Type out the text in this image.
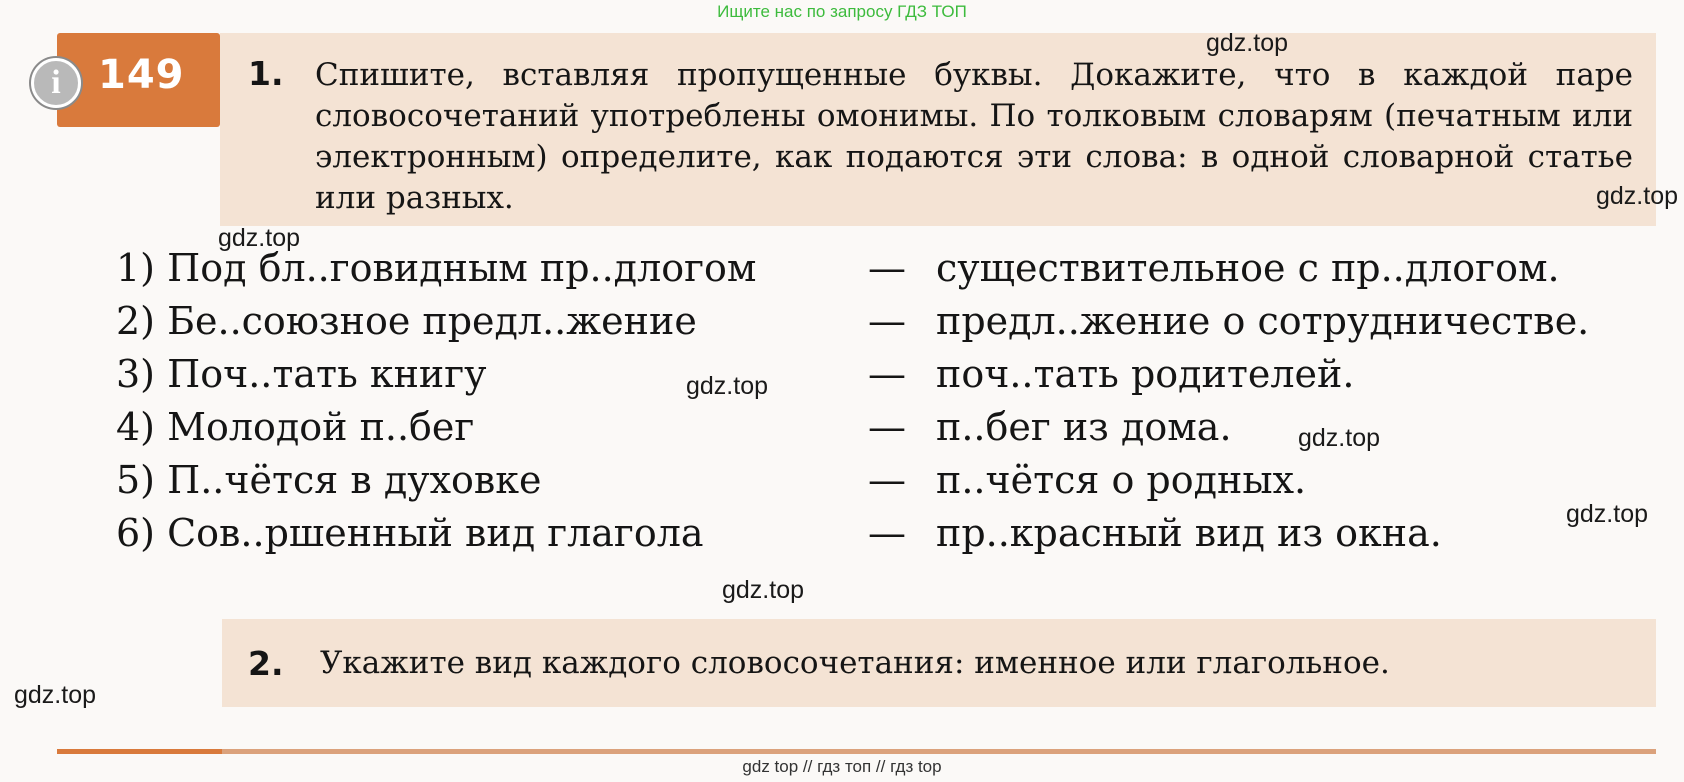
Ищите нас по запросу ГДЗ ТОП
i 149 1. Спишите, вставляя пропущенные буквы. Докажите, что в каждой паре словосочетаний употреблены омонимы. По толковым словарям (печатным или электронным) определите, как подаются эти слова: в одной словарной статье или разных.

1) Под бл..говидным пр..длогом	— существительное с пр..длогом.
2) Бе..союзное предл..жение	— предл..жение о сотрудничестве.
3) Поч..тать книгу	— поч..тать родителей.
4) Молодой п..бег	— п..бег из дома.
5) П..чётся в духовке	— п..чётся о родных.
6) Сов..ршенный вид глагола	— пр..красный вид из окна.
2. Укажите вид каждого словосочетания: именное или глагольное.
gdz.top
gdz.top
gdz.top
gdz.top
gdz.top
gdz.top
gdz.top
gdz.top
gdz top // гдз топ // гдз top
